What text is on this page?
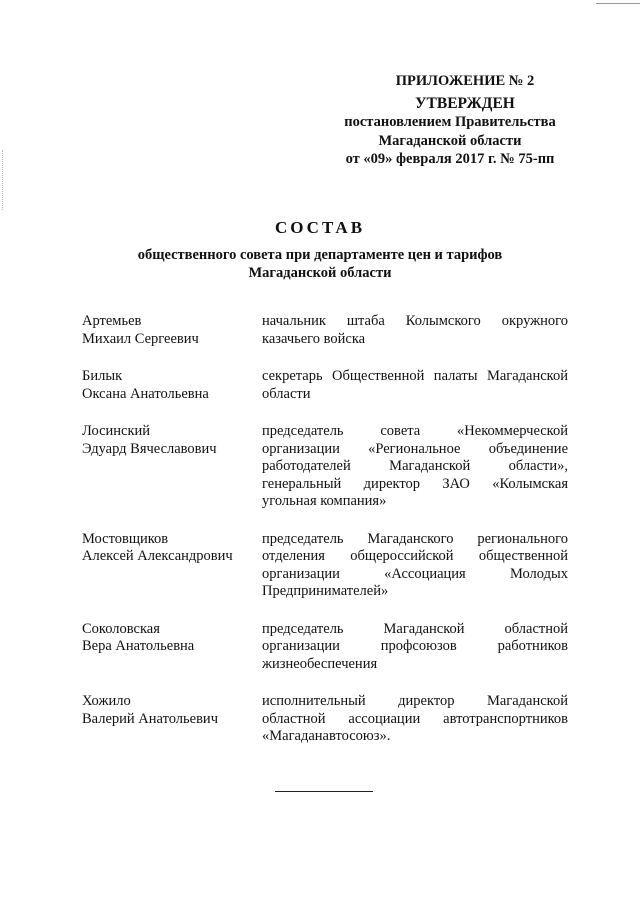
ПРИЛОЖЕНИЕ № 2
УТВЕРЖДЕН
постановлением Правительства
Магаданской области
от «09» февраля 2017 г. № 75-пп
СОСТАВ
общественного совета при департаменте цен и тарифов
Магаданской области
Артемьев
Михаил Сергеевич
начальник штаба Колымского окружного казачьего войска
Билык
Оксана Анатольевна
секретарь Общественной палаты Магаданской области
Лосинский
Эдуард Вячеславович
председатель совета «Некоммерческой организации «Региональное объединение работодателей Магаданской области», генеральный директор ЗАО «Колымская угольная компания»
Мостовщиков
Алексей Александрович
председатель Магаданского регионального отделения общероссийской общественной организации «Ассоциация Молодых Предпринимателей»
Соколовская
Вера Анатольевна
председатель Магаданской областной организации профсоюзов работников жизнеобеспечения
Хожило
Валерий Анатольевич
исполнительный директор Магаданской областной ассоциации автотранспортников «Магаданавтосоюз».
